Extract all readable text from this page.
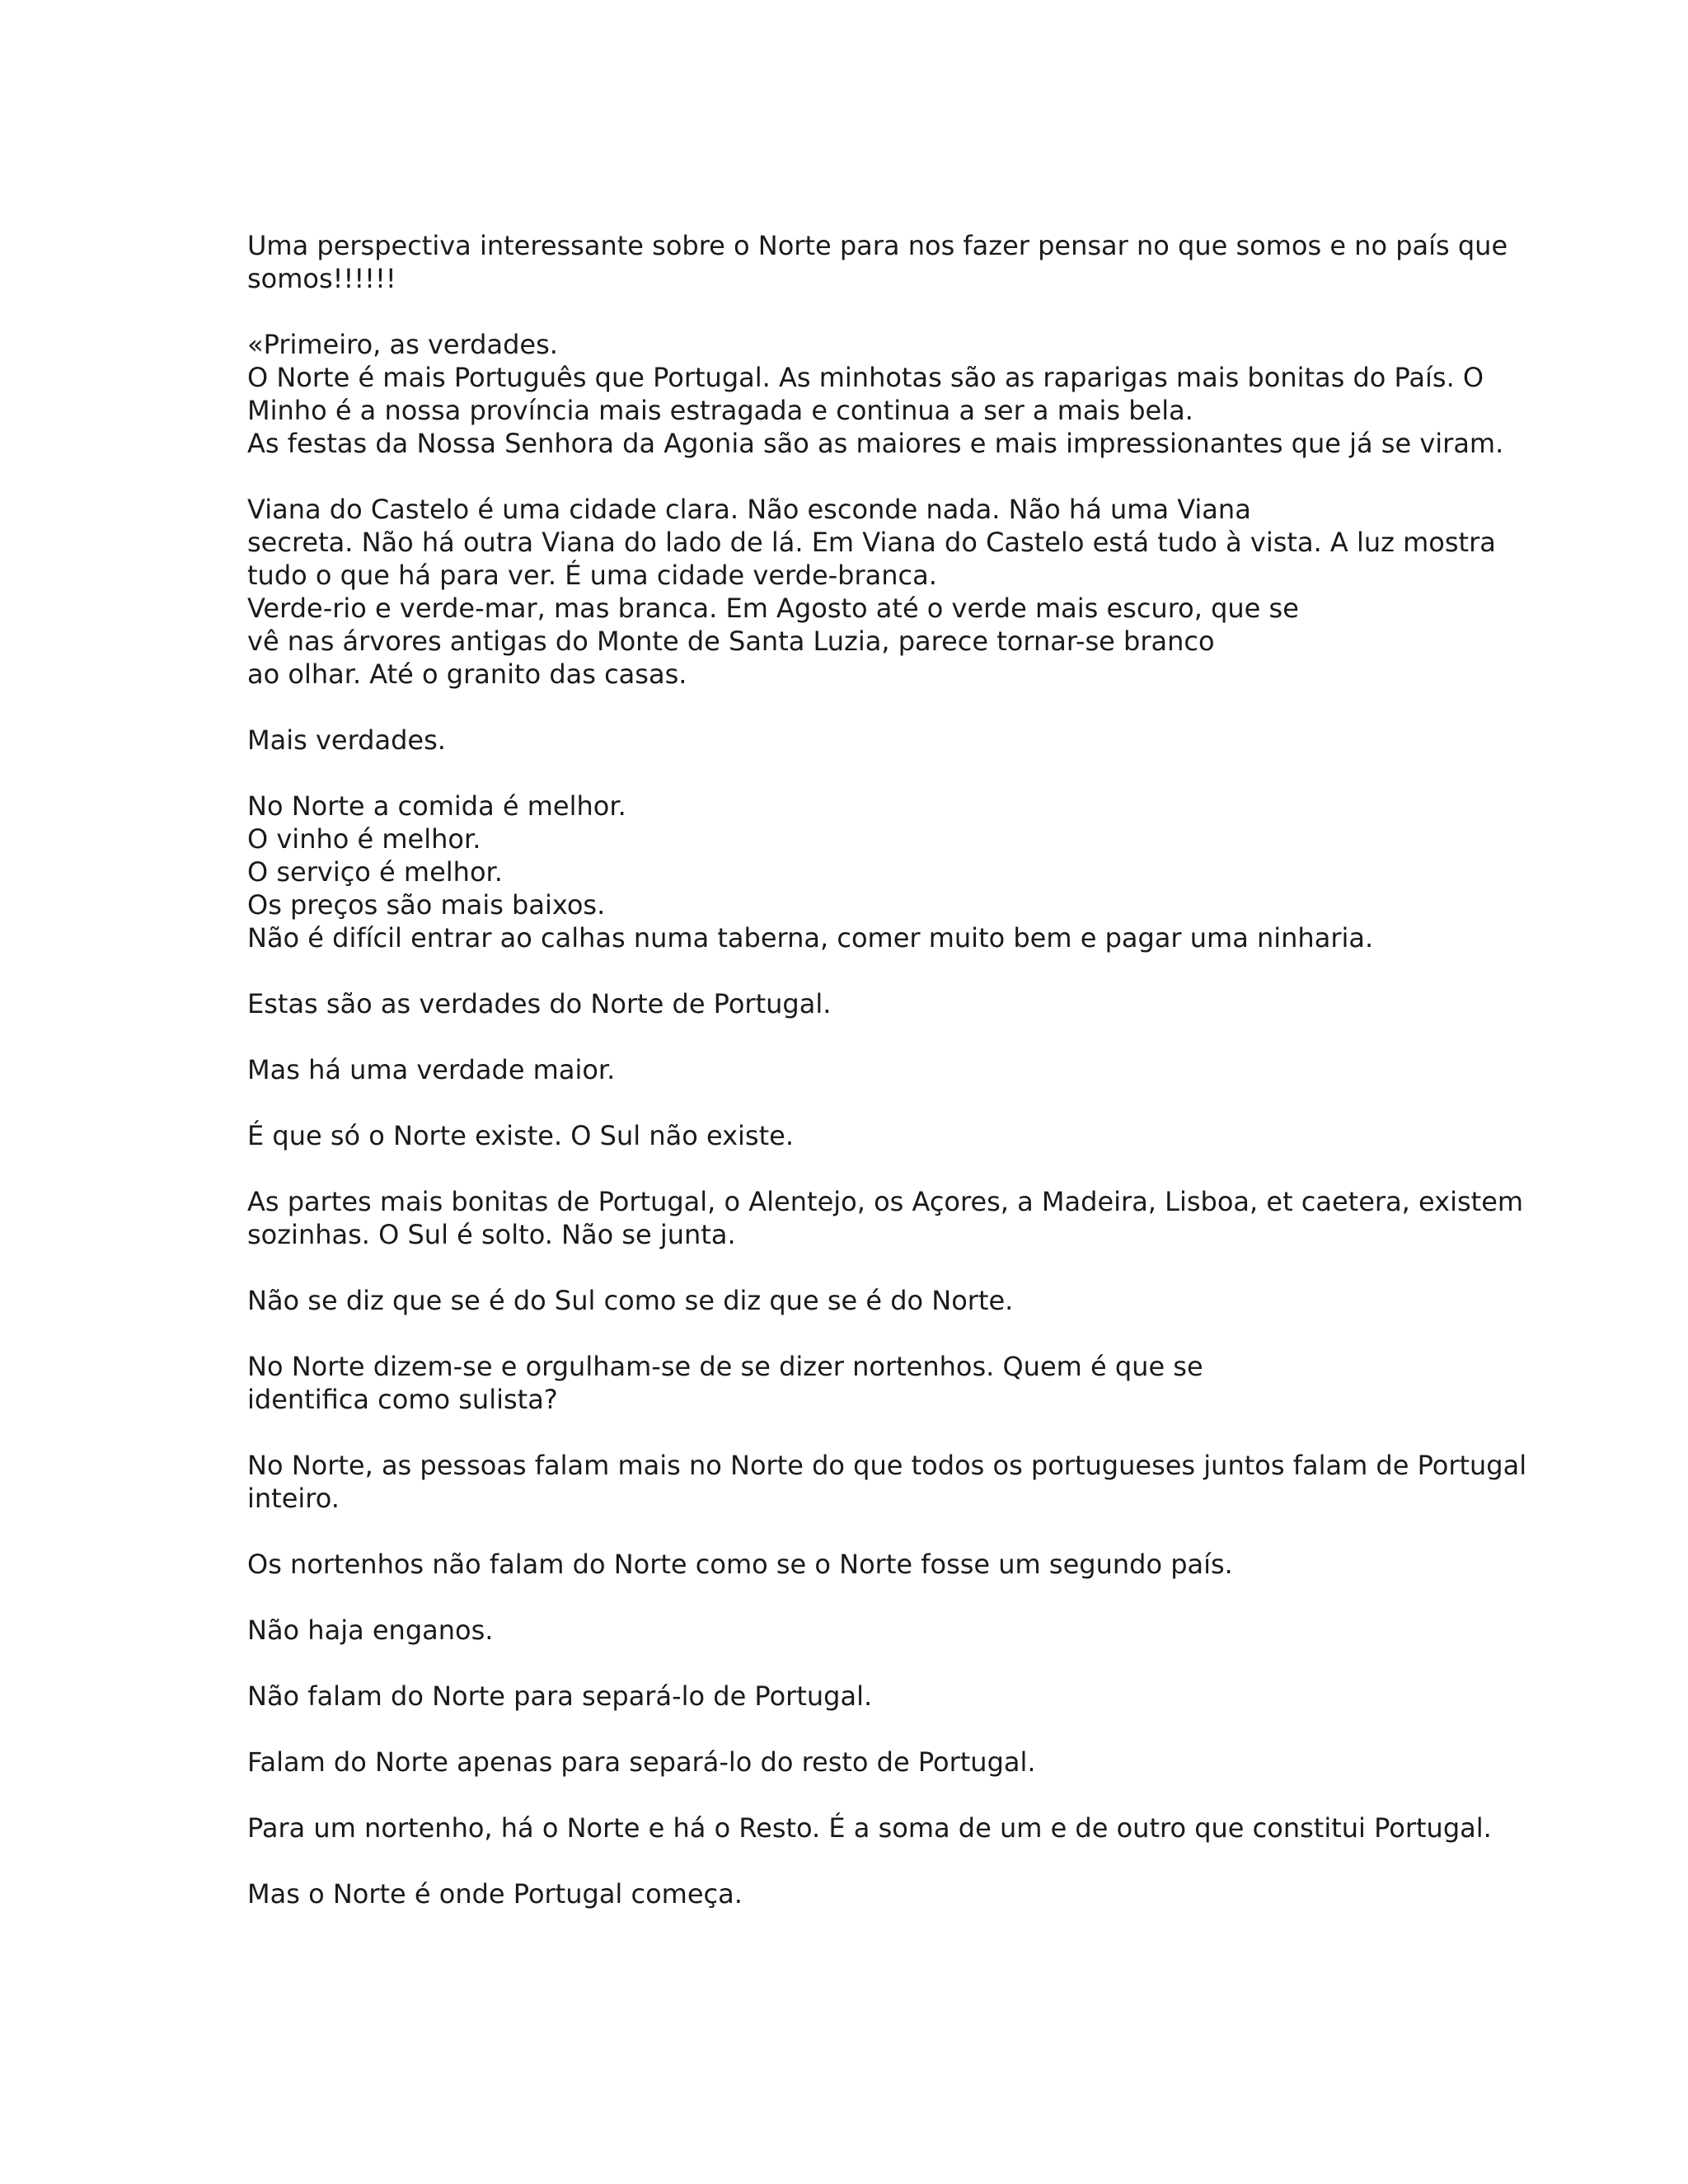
Uma perspectiva interessante sobre o Norte para nos fazer pensar no que somos e no país que
somos!!!!!!

«Primeiro, as verdades.
O Norte é mais Português que Portugal. As minhotas são as raparigas mais bonitas do País. O
Minho é a nossa província mais estragada e continua a ser a mais bela.
As festas da Nossa Senhora da Agonia são as maiores e mais impressionantes que já se viram.

Viana do Castelo é uma cidade clara. Não esconde nada. Não há uma Viana
secreta. Não há outra Viana do lado de lá. Em Viana do Castelo está tudo à vista. A luz mostra
tudo o que há para ver. É uma cidade verde-branca.
Verde-rio e verde-mar, mas branca. Em Agosto até o verde mais escuro, que se
vê nas árvores antigas do Monte de Santa Luzia, parece tornar-se branco
ao olhar. Até o granito das casas.

Mais verdades.

No Norte a comida é melhor.
O vinho é melhor.
O serviço é melhor.
Os preços são mais baixos.
Não é difícil entrar ao calhas numa taberna, comer muito bem e pagar uma ninharia.

Estas são as verdades do Norte de Portugal.

Mas há uma verdade maior.

É que só o Norte existe. O Sul não existe.

As partes mais bonitas de Portugal, o Alentejo, os Açores, a Madeira, Lisboa, et caetera, existem
sozinhas. O Sul é solto. Não se junta.

Não se diz que se é do Sul como se diz que se é do Norte.

No Norte dizem-se e orgulham-se de se dizer nortenhos. Quem é que se
identifica como sulista?

No Norte, as pessoas falam mais no Norte do que todos os portugueses juntos falam de Portugal
inteiro.

Os nortenhos não falam do Norte como se o Norte fosse um segundo país.

Não haja enganos.

Não falam do Norte para separá-lo de Portugal.

Falam do Norte apenas para separá-lo do resto de Portugal.

Para um nortenho, há o Norte e há o Resto. É a soma de um e de outro que constitui Portugal.

Mas o Norte é onde Portugal começa.
